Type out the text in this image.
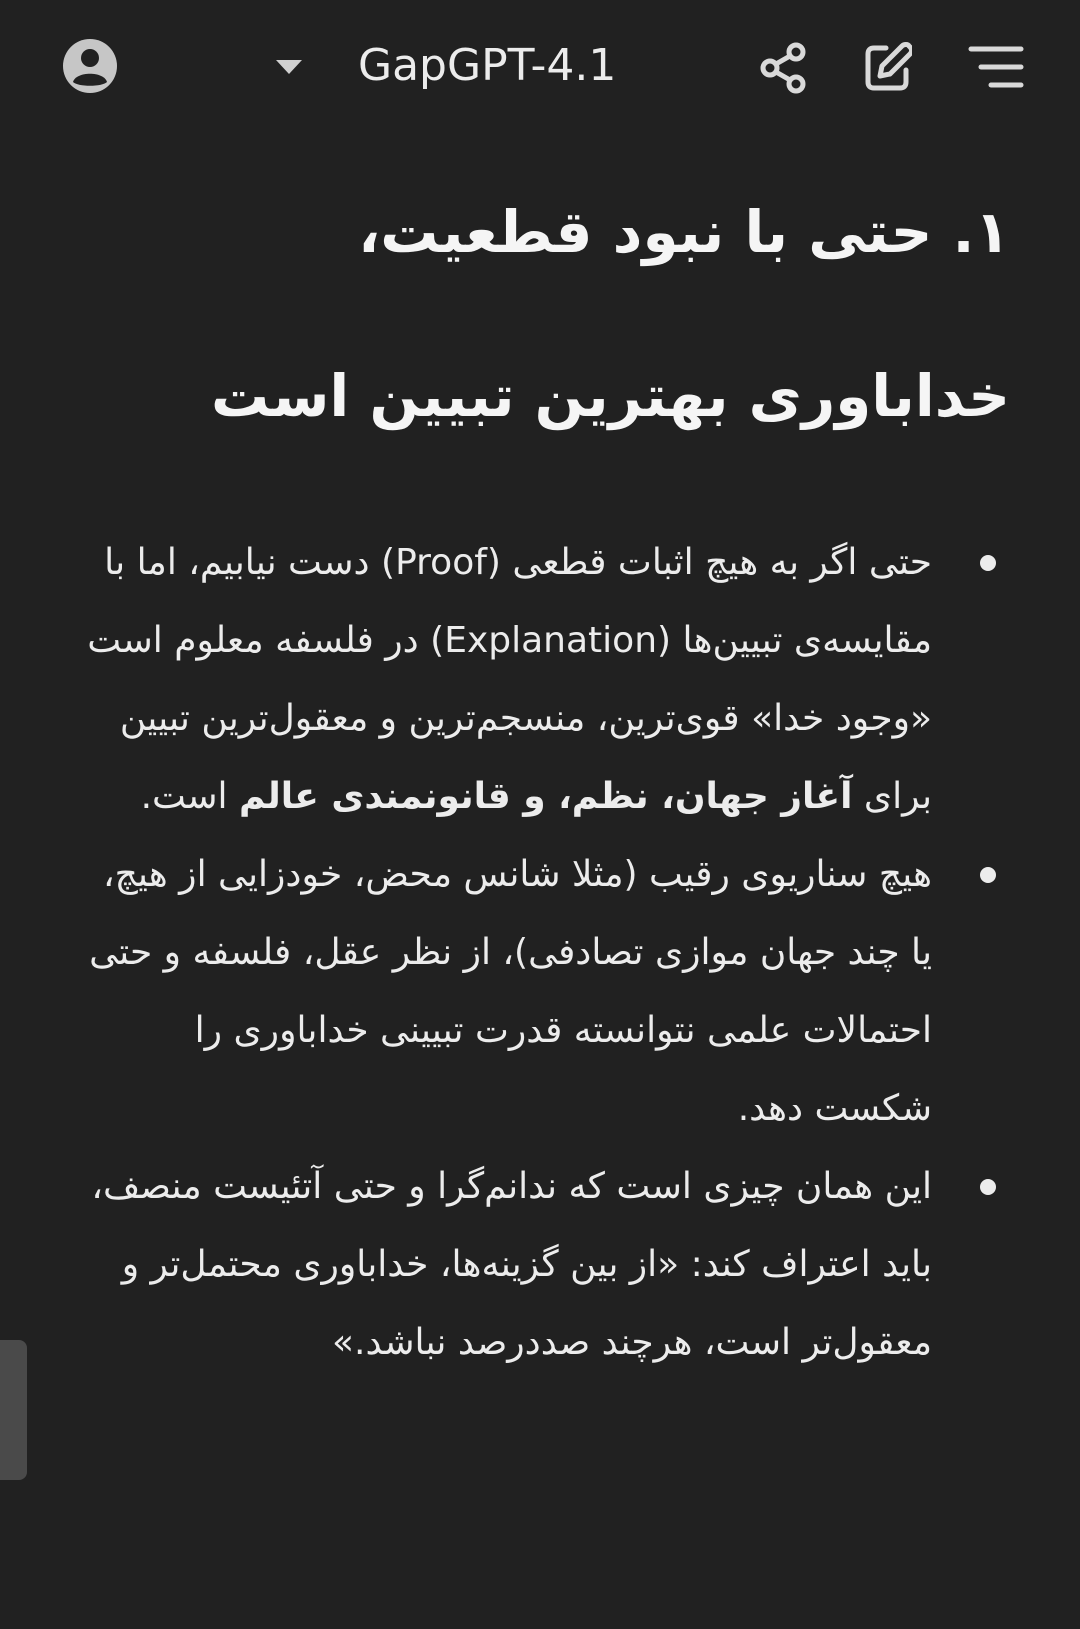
GapGPT-4.1
۱. حتی با نبود قطعیت، خداباوری بهترین تبیین است
حتی اگر به هیچ اثبات قطعی (Proof) دست نیابیم، اما با مقایسه‌ی تبیین‌ها (Explanation) در فلسفه معلوم است «وجود خدا» قوی‌ترین، منسجم‌ترین و معقول‌ترین تبیین برای آغاز جهان، نظم، و قانونمندی عالم است.
هیچ سناریوی رقیب (مثلا شانس محض، خودزایی از هیچ، یا چند جهان موازی تصادفی)، از نظر عقل، فلسفه و حتی احتمالات علمی نتوانسته قدرت تبیینی خداباوری را شکست دهد.
این همان چیزی است که ندانم‌گرا و حتی آتئیست منصف، باید اعتراف کند: «از بین گزینه‌ها، خداباوری محتمل‌تر و معقول‌تر است، هرچند صددرصد نباشد.»
